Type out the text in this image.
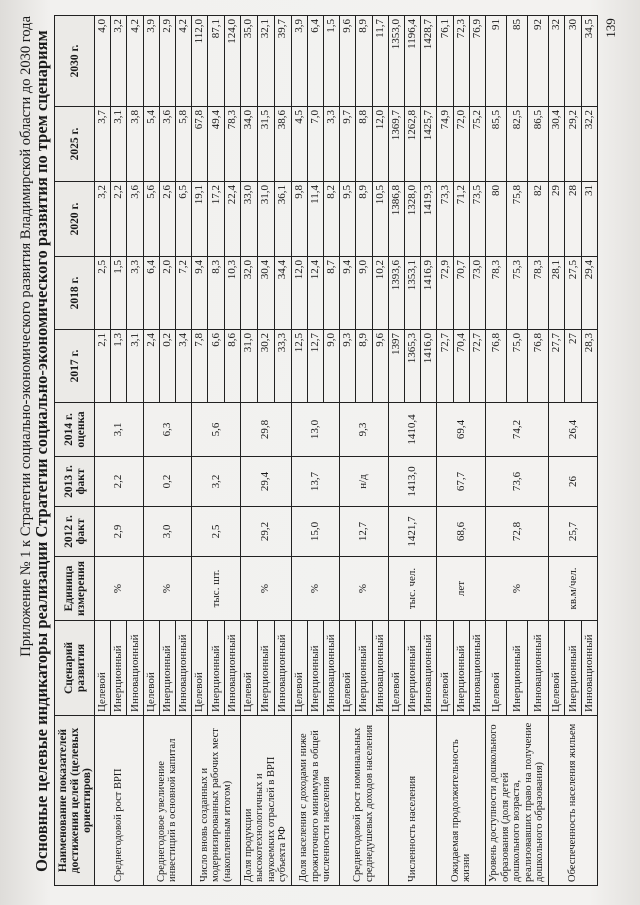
139
Приложение № 1 к Стратегии социально-экономического развития Владимирской области до 2030 года
Основные целевые индикаторы реализации Стратегии социально-экономического развития по трем сценариям Наименование показателей достижения целей (целевых ориентиров)	Сценарий развития	Единица измерения	2012 г. факт	2013 г. факт	2014 г. оценка	2017 г.	2018 г.	2020 г.	2025 г.	2030 г.
Среднегодовой рост ВРП	Целевой	%	2,9	2,2	3,1	2,1	2,5	3,2	3,7	4,0
	Инерционный					1,3	1,5	2,2	3,1	3,2
	Инновационный					3,1	3,3	3,6	3,8	4,2
Среднегодовое увеличение инвестиций в основной капитал	Целевой	%	3,0	0,2	6,3	2,4	6,4	5,6	5,4	3,9
	Инерционный					0,2	2,0	2,6	3,6	2,9
	Инновационный					3,4	7,2	6,5	5,8	4,2
Число вновь созданных и модернизированных рабочих мест (накопленным итогом)	Целевой	тыс. шт.	2,5	3,2	5,6	7,8	9,4	19,1	67,8	112,0
	Инерционный					6,6	8,3	17,2	49,4	87,1
	Инновационный					8,6	10,3	22,4	78,3	124,0
Доля продукции высокотехнологичных и наукоемких отраслей в ВРП субъекта РФ	Целевой	%	29,2	29,4	29,8	31,0	32,0	33,0	34,0	35,0
	Инерционный					30,2	30,4	31,0	31,5	32,1
	Инновационный					33,3	34,4	36,1	38,6	39,7
Доля населения с доходами ниже прожиточного минимума в общей численности населения	Целевой	%	15,0	13,7	13,0	12,5	12,0	9,8	4,5	3,9
	Инерционный					12,7	12,4	11,4	7,0	6,4
	Инновационный					9,0	8,7	8,2	3,3	1,5
Среднегодовой рост номинальных среднедушевых доходов населения	Целевой	%	12,7	н/д	9,3	9,3	9,4	9,5	9,7	9,6
	Инерционный					8,9	9,0	8,9	8,8	8,9
	Инновационный					9,6	10,2	10,5	12,0	11,7
Численность населения	Целевой	тыс. чел.	1421,7	1413,0	1410,4	1397	1393,6	1386,8	1369,7	1353,0
	Инерционный					1365,3	1353,1	1328,0	1262,8	1196,4
	Инновационный					1416,0	1416,9	1419,3	1425,7	1428,7
Ожидаемая продолжительность жизни	Целевой	лет	68,6	67,7	69,4	72,7	72,9	73,3	74,9	76,1
	Инерционный					70,4	70,7	71,2	72,0	72,3
	Инновационный					72,7	73,0	73,5	75,2	76,9
Уровень доступности дошкольного образования (доля детей дошкольного возраста, реализовавших право на получение дошкольного образования)	Целевой	%	72,8	73,6	74,2	76,8	78,3	80	85,5	91
	Инерционный					75,0	75,3	75,8	82,5	85
	Инновационный					76,8	78,3	82	86,5	92
Обеспеченность населения жильем	Целевой	кв.м/чел.	25,7	26	26,4	27,7	28,1	29	30,4	32
	Инерционный					27	27,5	28	29,2	30
	Инновационный					28,3	29,4	31	32,2	34,5
